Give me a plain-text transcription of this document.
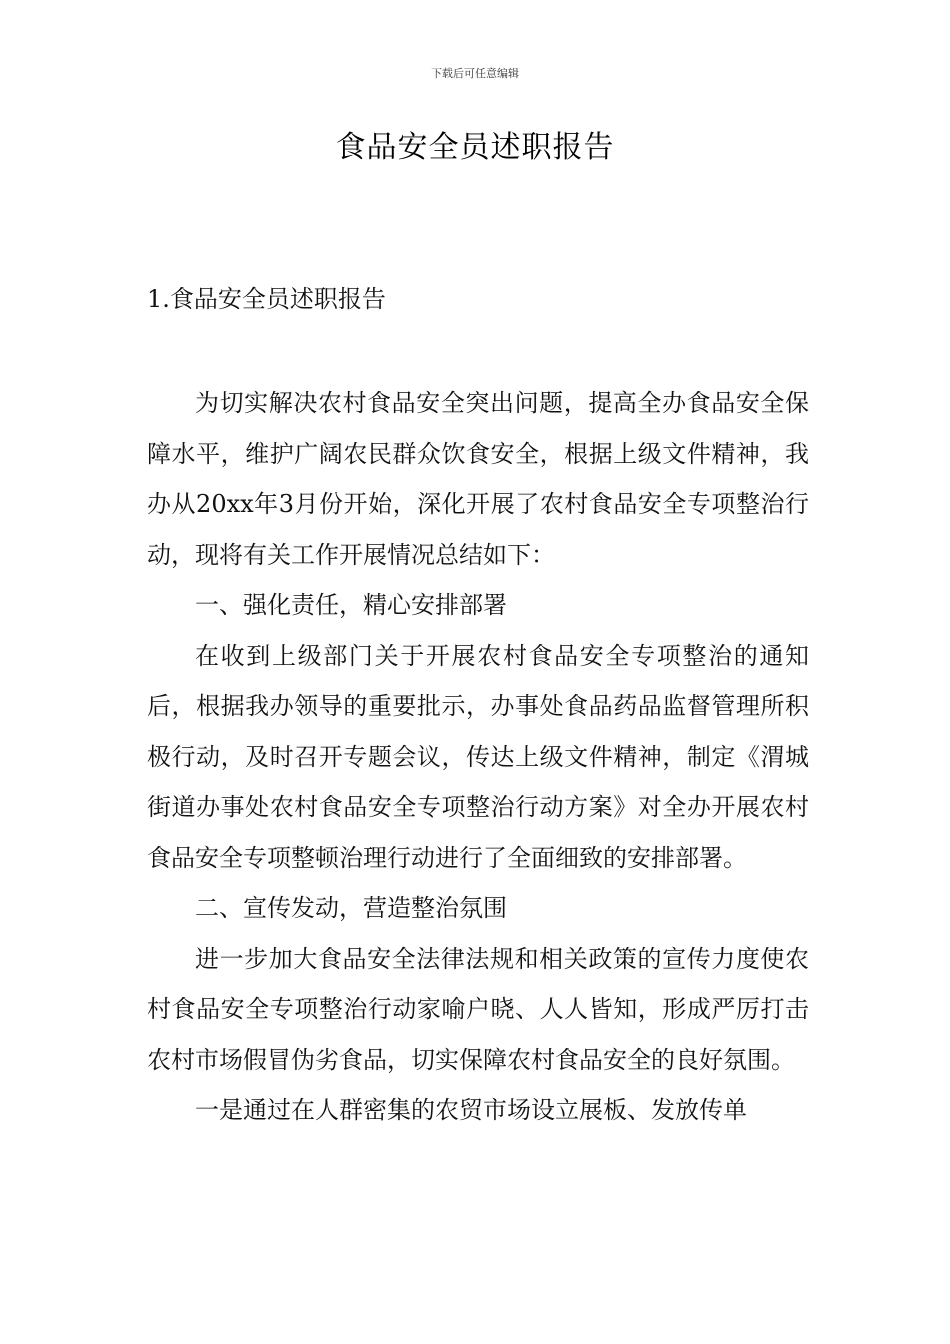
下载后可任意编辑
食品安全员述职报告
1.食品安全员述职报告

为切实解决农村食品安全突出问题，提高全办食品安全保障水平，维护广阔农民群众饮食安全，根据上级文件精神，我办从20xx年3月份开始，深化开展了农村食品安全专项整治行动，现将有关工作开展情况总结如下：

一、强化责任，精心安排部署

在收到上级部门关于开展农村食品安全专项整治的通知后，根据我办领导的重要批示，办事处食品药品监督管理所积极行动，及时召开专题会议，传达上级文件精神，制定《渭城街道办事处农村食品安全专项整治行动方案》对全办开展农村食品安全专项整顿治理行动进行了全面细致的安排部署。

二、宣传发动，营造整治氛围

进一步加大食品安全法律法规和相关政策的宣传力度使农村食品安全专项整治行动家喻户晓、人人皆知，形成严厉打击农村市场假冒伪劣食品，切实保障农村食品安全的良好氛围。

一是通过在人群密集的农贸市场设立展板、发放传单
